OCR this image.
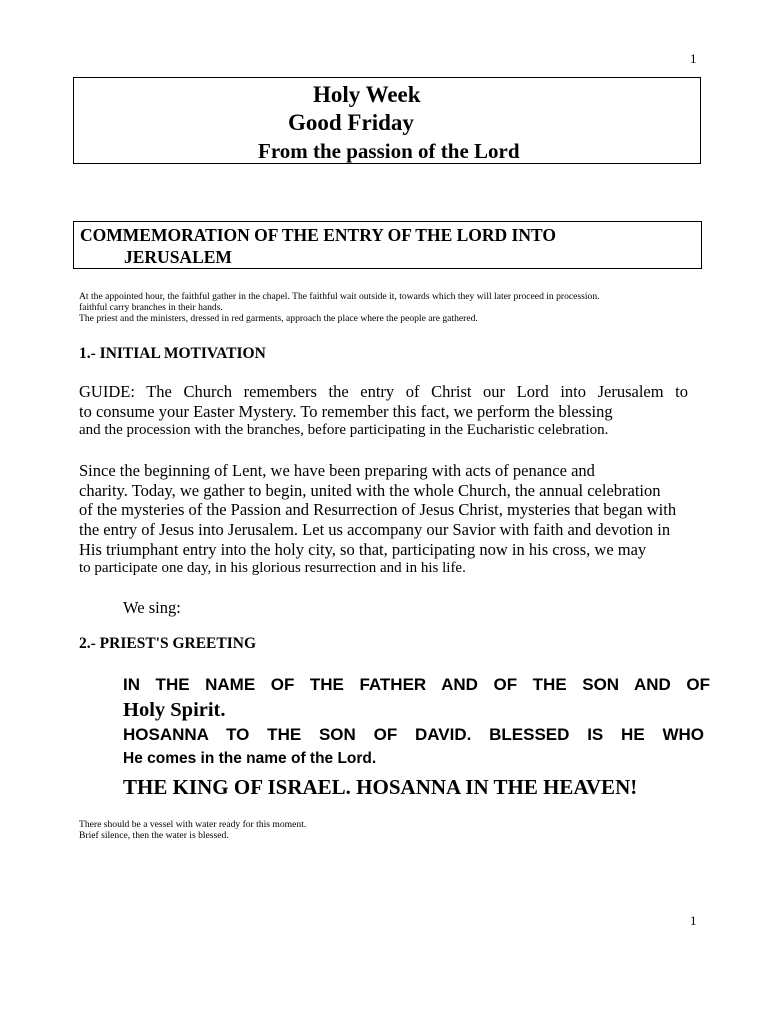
1
Holy Week
Good Friday
From the passion of the Lord
COMMEMORATION OF THE ENTRY OF THE LORD INTO
JERUSALEM
At the appointed hour, the faithful gather in the chapel. The faithful wait outside it, towards which they will later proceed in procession.
faithful carry branches in their hands.
The priest and the ministers, dressed in red garments, approach the place where the people are gathered.
1.- INITIAL MOTIVATION
GUIDE: The Church remembers the entry of Christ our Lord into Jerusalem to
to consume your Easter Mystery. To remember this fact, we perform the blessing
and the procession with the branches, before participating in the Eucharistic celebration.
Since the beginning of Lent, we have been preparing with acts of penance and
charity. Today, we gather to begin, united with the whole Church, the annual celebration
of the mysteries of the Passion and Resurrection of Jesus Christ, mysteries that began with
the entry of Jesus into Jerusalem. Let us accompany our Savior with faith and devotion in
His triumphant entry into the holy city, so that, participating now in his cross, we may
to participate one day, in his glorious resurrection and in his life.
We sing:
2.- PRIEST'S GREETING
IN THE NAME OF THE FATHER AND OF THE SON AND OF
Holy Spirit.
HOSANNA TO THE SON OF DAVID. BLESSED IS HE WHO
He comes in the name of the Lord.
THE KING OF ISRAEL. HOSANNA IN THE HEAVEN!
There should be a vessel with water ready for this moment.
Brief silence, then the water is blessed.
1
